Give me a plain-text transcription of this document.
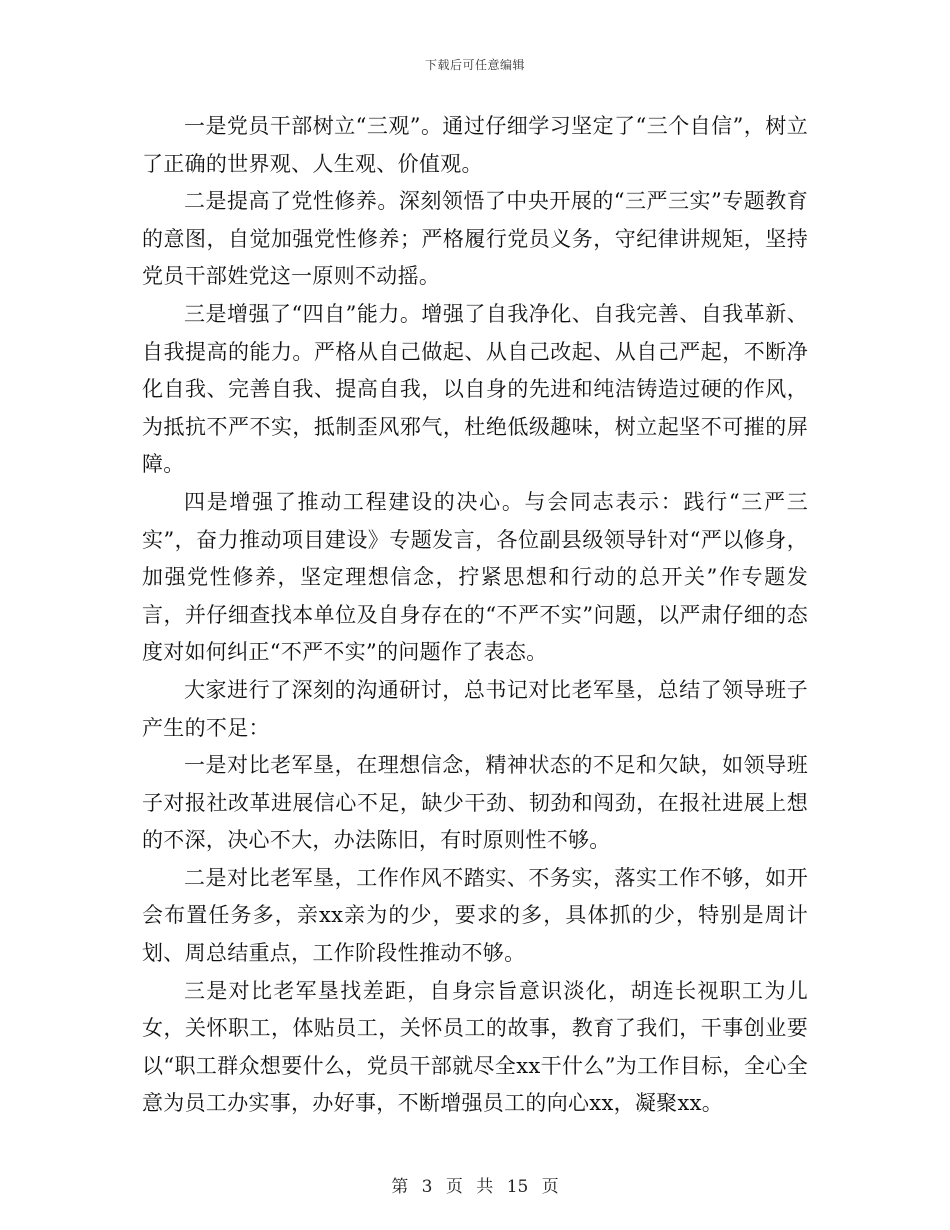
下载后可任意编辑

一是党员干部树立“三观”。通过仔细学习坚定了“三个自信”，树立了正确的世界观、人生观、价值观。

二是提高了党性修养。深刻领悟了中央开展的“三严三实”专题教育的意图，自觉加强党性修养；严格履行党员义务，守纪律讲规矩，坚持党员干部姓党这一原则不动摇。

三是增强了“四自”能力。增强了自我净化、自我完善、自我革新、自我提高的能力。严格从自己做起、从自己改起、从自己严起，不断净化自我、完善自我、提高自我，以自身的先进和纯洁铸造过硬的作风，为抵抗不严不实，抵制歪风邪气，杜绝低级趣味，树立起坚不可摧的屏障。

四是增强了推动工程建设的决心。与会同志表示：践行“三严三实”，奋力推动项目建设》专题发言，各位副县级领导针对“严以修身，加强党性修养，坚定理想信念，拧紧思想和行动的总开关”作专题发言，并仔细查找本单位及自身存在的“不严不实”问题，以严肃仔细的态度对如何纠正“不严不实”的问题作了表态。

大家进行了深刻的沟通研讨，总书记对比老军垦，总结了领导班子产生的不足：

一是对比老军垦，在理想信念，精神状态的不足和欠缺，如领导班子对报社改革进展信心不足，缺少干劲、韧劲和闯劲，在报社进展上想的不深，决心不大，办法陈旧，有时原则性不够。

二是对比老军垦，工作作风不踏实、不务实，落实工作不够，如开会布置任务多，亲xx亲为的少，要求的多，具体抓的少，特别是周计划、周总结重点，工作阶段性推动不够。

三是对比老军垦找差距，自身宗旨意识淡化，胡连长视职工为儿女，关怀职工，体贴员工，关怀员工的故事，教育了我们，干事创业要以“职工群众想要什么，党员干部就尽全xx干什么”为工作目标，全心全意为员工办实事，办好事，不断增强员工的向心xx，凝聚xx。

第 3 页 共 15 页
